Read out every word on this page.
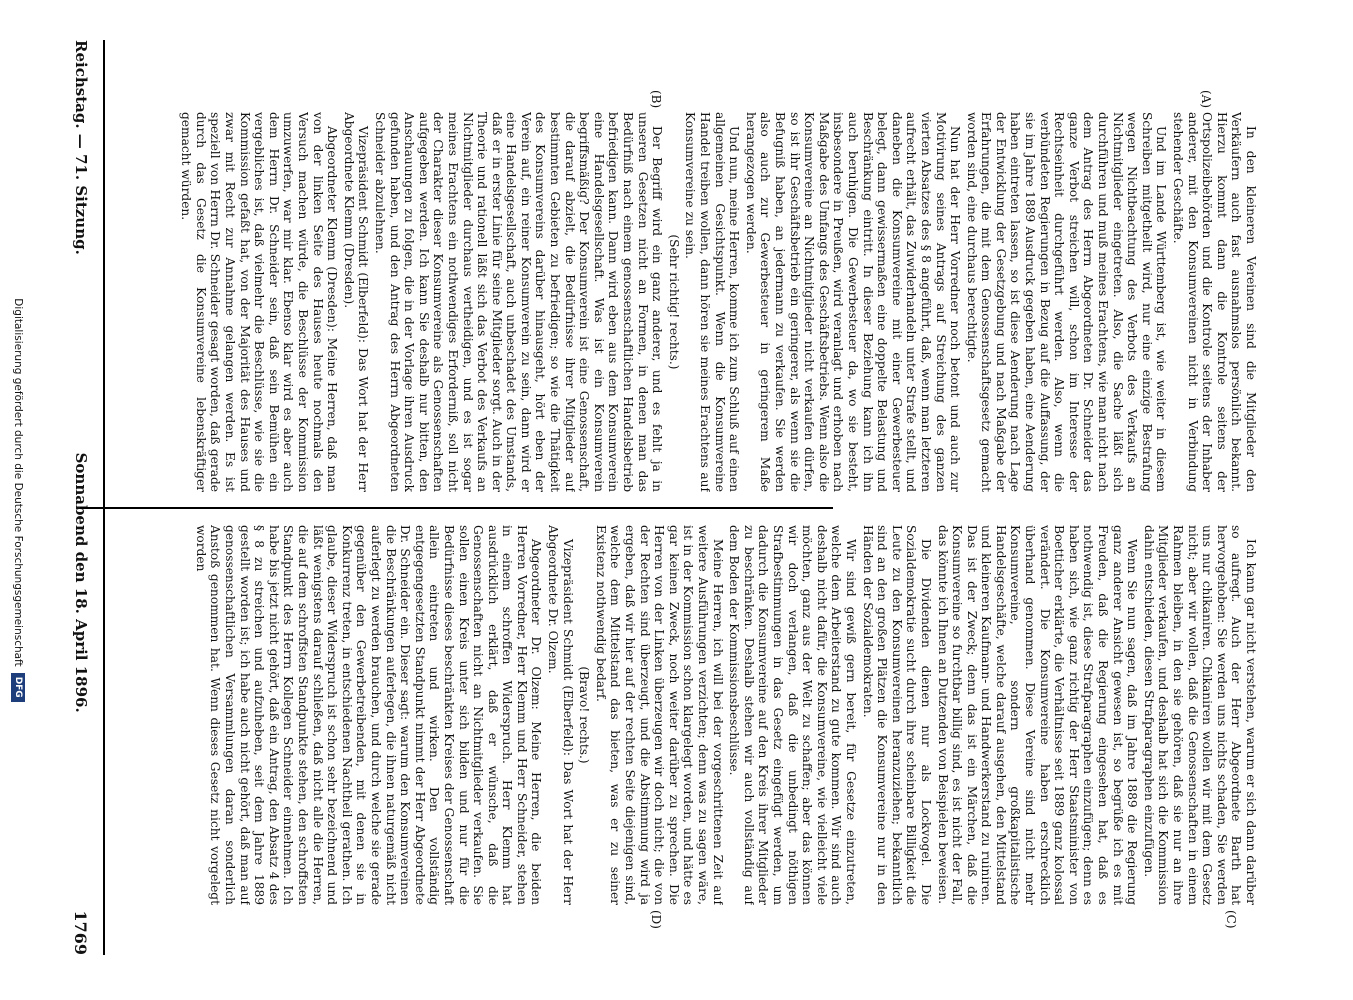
Reichstag. — 71. Sitzung.
Sonnabend den 18. April 1896.
1769
(A)
(B)
(C)
(D)

In den kleineren Vereinen sind die Mitglieder den Verkäufern auch fast ausnahmslos persönlich bekannt. Hierzu kommt dann die Kontrole seitens der Ortspolizeibehörden und die Kontrole seitens der Inhaber anderer, mit den Konsumvereinen nicht in Verbindung stehender Geschäfte.

Und im Lande Württemberg ist, wie weiter in diesem Schreiben mitgetheilt wird, nur eine einzige Bestrafung wegen Nichtbeachtung des Verbots des Verkaufs an Nichtmitglieder eingetreten. Also, die Sache läßt sich durchführen und muß meines Erachtens, wie man nicht nach dem Antrag des Herrn Abgeordneten Dr. Schneider das ganze Verbot streichen will, schon im Interesse der Rechtseinheit durchgeführt werden. Also, wenn die verbündeten Regierungen in Bezug auf die Auffassung, der sie im Jahre 1889 Ausdruck gegeben haben, eine Aenderung haben eintreten lassen, so ist diese Aenderung nach Lage der Entwicklung der Gesetzgebung und nach Maßgabe der Erfahrungen, die mit dem Genossenschaftsgesetz gemacht worden sind, eine durchaus berechtigte.

Nun hat der Herr Vorredner noch betont und auch zur Motivirung seines Antrags auf Streichung des ganzen vierten Absatzes des § 8 angeführt, daß, wenn man letzteren aufrecht erhält, das Zuwiderhandeln unter Strafe stellt, und daneben die Konsumvereine mit einer Gewerbesteuer belegt, dann gewissermaßen eine doppelte Belastung und Beschränkung eintritt. In dieser Beziehung kann ich ihn auch beruhigen. Die Gewerbesteuer da, wo sie besteht, insbesondere in Preußen, wird veranlagt und erhoben nach Maßgabe des Umfangs des Geschäftsbetriebs. Wenn also die Konsumvereine an Nichtmitglieder nicht verkaufen dürfen, so ist ihr Geschäftsbetrieb ein geringerer, als wenn sie die Befugniß haben, an jedermann zu verkaufen. Sie werden also auch zur Gewerbesteuer in geringerem Maße herangezogen werden.

Und nun, meine Herren, komme ich zum Schluß auf einen allgemeinen Gesichtspunkt. Wenn die Konsumvereine Handel treiben wollen, dann hören sie meines Erachtens auf Konsumvereine zu sein.

(Sehr richtig! rechts.)

Der Begriff wird ein ganz anderer, und es fehlt ja in unseren Gesetzen nicht an Formen, in denen man das Bedürfniß nach einem genossenschaftlichen Handelsbetrieb befriedigen kann. Dann wird eben aus dem Konsumverein eine Handelsgesellschaft. Was ist ein Konsumverein begriffsmäßig? Der Konsumverein ist eine Genossenschaft, die darauf abzielt, die Bedürfnisse ihrer Mitglieder auf bestimmten Gebieten zu befriedigen; so wie die Thätigkeit des Konsumvereins darüber hinausgeht, hört eben der Verein auf, ein reiner Konsumverein zu sein, dann wird er eine Handelsgesellschaft, auch unbeschadet des Umstands, daß er in erster Linie für seine Mitglieder sorgt. Auch in der Theorie und rationell läßt sich das Verbot des Verkaufs an Nichtmitglieder durchaus vertheidigen, und es ist sogar meines Erachtens ein nothwendiges Erforderniß, soll nicht der Charakter dieser Konsumvereine als Genossenschaften aufgegeben werden. Ich kann Sie deshalb nur bitten, den Anschauungen zu folgen, die in der Vorlage ihren Ausdruck gefunden haben, und den Antrag des Herrn Abgeordneten Schneider abzulehnen.

Vizepräsident Schmidt (Elberfeld): Das Wort hat der Herr Abgeordnete Klemm (Dresden).

Abgeordneter Klemm (Dresden): Meine Herren, daß man von der linken Seite des Hauses heute nochmals den Versuch machen würde, die Beschlüsse der Kommission umzuwerfen, war mir klar. Ebenso klar wird es aber auch dem Herrn Dr. Schneider sein, daß sein Bemühen ein vergebliches ist, daß vielmehr die Beschlüsse, wie sie die Kommission gefaßt hat, von der Majorität des Hauses und zwar mit Recht zur Annahme gelangen werden. Es ist speziell von Herrn Dr. Schneider gesagt worden, daß gerade durch das Gesetz die Konsumvereine lebenskräftiger gemacht würden.

Ich kann gar nicht verstehen, warum er sich dann darüber so aufregt. Auch der Herr Abgeordnete Barth hat hervorgehoben: Sie werden uns nichts schaden, Sie werden uns nur chikaniren. Chikaniren wollen wir mit dem Gesetz nicht; aber wir wollen, daß die Genossenschaften in einem Rahmen bleiben, in den sie gehören, daß sie nur an ihre Mitglieder verkaufen, und deshalb hat sich die Kommission dahin entschieden, diesen Strafparagraphen einzufügen.

Wenn Sie nun sagen, daß im Jahre 1889 die Regierung ganz anderer Ansicht gewesen ist, so begrüße ich es mit Freuden, daß die Regierung eingesehen hat, daß es nothwendig ist, diese Strafparagraphen einzufügen; denn es haben sich, wie ganz richtig der Herr Staatsminister von Boetticher erklärte, die Verhältnisse seit 1889 ganz kolossal verändert. Die Konsumvereine haben erschrecklich überhand genommen. Diese Vereine sind nicht mehr Konsumvereine, sondern großkapitalistische Handelsgeschäfte, welche darauf ausgehen, den Mittelstand und kleineren Kaufmann- und Handwerkerstand zu ruiniren. Das ist der Zweck; denn das ist ein Märchen, daß die Konsumvereine so furchtbar billig sind, es ist nicht der Fall, das könnte ich Ihnen an Dutzenden von Beispielen beweisen.

Die Dividenden dienen nur als Lockvogel. Die Sozialdemokratie sucht durch ihre scheinbare Billigkeit die Leute zu den Konsumvereinen heranzuziehen; bekanntlich sind an den großen Plätzen die Konsumvereine nur in den Händen der Sozialdemokraten.

Wir sind gewiß gern bereit, für Gesetze einzutreten, welche dem Arbeiterstand zu gute kommen. Wir sind auch deshalb nicht dafür, die Konsumvereine, wie vielleicht viele möchten, ganz aus der Welt zu schaffen; aber das können wir doch verlangen, daß die unbedingt nöthigen Strafbestimmungen in das Gesetz eingefügt werden, um dadurch die Konsumvereine auf den Kreis ihrer Mitglieder zu beschränken. Deshalb stehen wir auch vollständig auf dem Boden der Kommissionsbeschlüsse.

Meine Herren, ich will bei der vorgeschrittenen Zeit auf weitere Ausführungen verzichten; denn was zu sagen wäre, ist in der Kommission schon klargelegt worden, und hätte es gar keinen Zweck, noch weiter darüber zu sprechen. Die Herren von der Linken überzeugen wir doch nicht; die von der Rechten sind überzeugt, und die Abstimmung wird ja ergeben, daß wir hier auf der rechten Seite diejenigen sind, welche dem Mittelstand das bieten, was er zu seiner Existenz nothwendig bedarf.

(Bravo! rechts.)

Vizepräsident Schmidt (Elberfeld): Das Wort hat der Herr Abgeordnete Dr. Olzem.

Abgeordneter Dr. Olzem: Meine Herren, die beiden Herren Vorredner, Herr Klemm und Herr Schneider, stehen in einem schroffen Widerspruch. Herr Klemm hat ausdrücklich erklärt, daß er wünsche, daß die Genossenschaften nicht an Nichtmitglieder verkaufen. Sie sollen einen Kreis unter sich bilden und nur für die Bedürfnisse dieses beschränkten Kreises der Genossenschaft allein eintreten und wirken. Den vollständig entgegengesetzten Standpunkt nimmt der Herr Abgeordnete Dr. Schneider ein. Dieser sagt: warum den Konsumvereinen die Beschränkungen auferlegen, die ihnen naturgemäß nicht auferlegt zu werden brauchen, und durch welche sie gerade gegenüber den Gewerbetreibenden, mit denen sie in Konkurrenz treten, in entschiedenen Nachtheil gerathen. Ich glaube, dieser Widerspruch ist schon sehr bezeichnend und läßt wenigstens darauf schließen, daß nicht alle die Herren, die auf dem schroffsten Standpunkte stehen, den schroffsten Standpunkt des Herrn Kollegen Schneider einnehmen. Ich habe bis jetzt nicht gehört, daß ein Antrag, den Absatz 4 des § 8 zu streichen und aufzuheben, seit dem Jahre 1889 gestellt worden ist; ich habe auch nicht gehört, daß man auf genossenschaftlichen Versammlungen daran sonderlich Anstoß genommen hat. Wenn dieses Gesetz nicht vorgelegt worden

Digitalisierung gefördert durch die Deutsche Forschungsgemeinschaft
DFG
